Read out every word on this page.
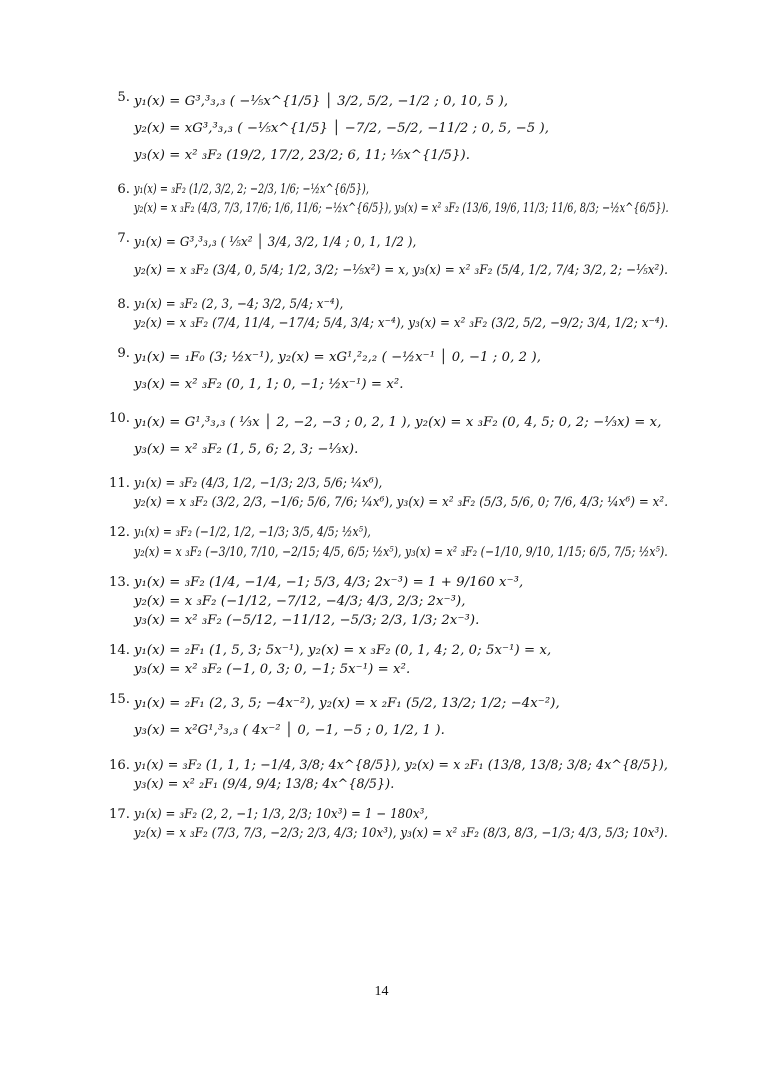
5. y₁(x) = G³,³₃,₃ ( −⅕x^{1/5} │ 3/2, 5/2, −1/2 ; 0, 10, 5 ),
y₂(x) = xG³,³₃,₃ ( −⅕x^{1/5} │ −7/2, −5/2, −11/2 ; 0, 5, −5 ),
y₃(x) = x² ₃F₂ (19/2, 17/2, 23/2; 6, 11; ⅕x^{1/5}).
6. y₁(x) = ₃F₂ (1/2, 3/2, 2; −2/3, 1/6; −½x^{6/5}),
y₂(x) = x ₃F₂ (4/3, 7/3, 17/6; 1/6, 11/6; −½x^{6/5}), y₃(x) = x² ₃F₂ (13/6, 19/6, 11/3; 11/6, 8/3; −½x^{6/5}).
7. y₁(x) = G³,³₃,₃ ( ⅕x² │ 3/4, 3/2, 1/4 ; 0, 1, 1/2 ),
y₂(x) = x ₃F₂ (3/4, 0, 5/4; 1/2, 3/2; −⅕x²) = x, y₃(x) = x² ₃F₂ (5/4, 1/2, 7/4; 3/2, 2; −⅕x²).
8. y₁(x) = ₃F₂ (2, 3, −4; 3/2, 5/4; x⁻⁴),
y₂(x) = x ₃F₂ (7/4, 11/4, −17/4; 5/4, 3/4; x⁻⁴), y₃(x) = x² ₃F₂ (3/2, 5/2, −9/2; 3/4, 1/2; x⁻⁴).
9. y₁(x) = ₁F₀ (3; ½x⁻¹), y₂(x) = xG¹,²₂,₂ ( −½x⁻¹ │ 0, −1 ; 0, 2 ),
y₃(x) = x² ₃F₂ (0, 1, 1; 0, −1; ½x⁻¹) = x².
10. y₁(x) = G¹,³₃,₃ ( ⅓x │ 2, −2, −3 ; 0, 2, 1 ), y₂(x) = x ₃F₂ (0, 4, 5; 0, 2; −⅓x) = x,
y₃(x) = x² ₃F₂ (1, 5, 6; 2, 3; −⅓x).
11. y₁(x) = ₃F₂ (4/3, 1/2, −1/3; 2/3, 5/6; ¼x⁶),
y₂(x) = x ₃F₂ (3/2, 2/3, −1/6; 5/6, 7/6; ¼x⁶), y₃(x) = x² ₃F₂ (5/3, 5/6, 0; 7/6, 4/3; ¼x⁶) = x².
12. y₁(x) = ₃F₂ (−1/2, 1/2, −1/3; 3/5, 4/5; ½x⁵),
y₂(x) = x ₃F₂ (−3/10, 7/10, −2/15; 4/5, 6/5; ½x⁵), y₃(x) = x² ₃F₂ (−1/10, 9/10, 1/15; 6/5, 7/5; ½x⁵).
13. y₁(x) = ₃F₂ (1/4, −1/4, −1; 5/3, 4/3; 2x⁻³) = 1 + 9/160 x⁻³,
y₂(x) = x ₃F₂ (−1/12, −7/12, −4/3; 4/3, 2/3; 2x⁻³),
y₃(x) = x² ₃F₂ (−5/12, −11/12, −5/3; 2/3, 1/3; 2x⁻³).
14. y₁(x) = ₂F₁ (1, 5, 3; 5x⁻¹), y₂(x) = x ₃F₂ (0, 1, 4; 2, 0; 5x⁻¹) = x,
y₃(x) = x² ₃F₂ (−1, 0, 3; 0, −1; 5x⁻¹) = x².
15. y₁(x) = ₂F₁ (2, 3, 5; −4x⁻²), y₂(x) = x ₂F₁ (5/2, 13/2; 1/2; −4x⁻²),
y₃(x) = x²G¹,³₃,₃ ( 4x⁻² │ 0, −1, −5 ; 0, 1/2, 1 ).
16. y₁(x) = ₃F₂ (1, 1, 1; −1/4, 3/8; 4x^{8/5}), y₂(x) = x ₂F₁ (13/8, 13/8; 3/8; 4x^{8/5}),
y₃(x) = x² ₂F₁ (9/4, 9/4; 13/8; 4x^{8/5}).
17. y₁(x) = ₃F₂ (2, 2, −1; 1/3, 2/3; 10x³) = 1 − 180x³,
y₂(x) = x ₃F₂ (7/3, 7/3, −2/3; 2/3, 4/3; 10x³), y₃(x) = x² ₃F₂ (8/3, 8/3, −1/3; 4/3, 5/3; 10x³).
14
